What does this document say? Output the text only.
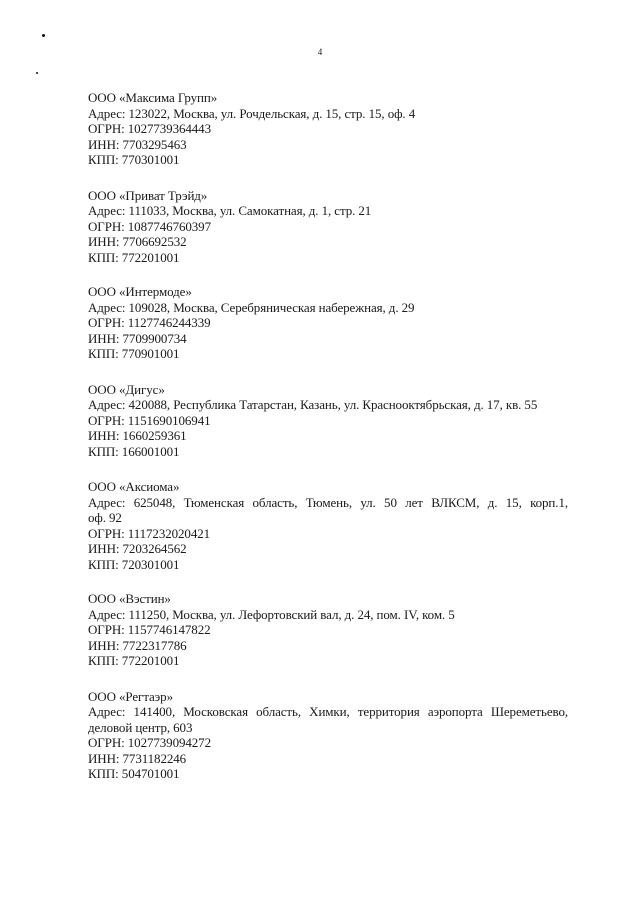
4
ООО «Максима Групп»
Адрес: 123022, Москва, ул. Рочдельская, д. 15, стр. 15, оф. 4
ОГРН: 1027739364443
ИНН: 7703295463
КПП: 770301001
ООО «Приват Трэйд»
Адрес: 111033, Москва, ул. Самокатная, д. 1, стр. 21
ОГРН: 1087746760397
ИНН: 7706692532
КПП: 772201001
ООО «Интермоде»
Адрес: 109028, Москва, Серебряническая набережная, д. 29
ОГРН: 1127746244339
ИНН: 7709900734
КПП: 770901001
ООО «Дигус»
Адрес: 420088, Республика Татарстан, Казань, ул. Краснооктябрьская, д. 17, кв. 55
ОГРН: 1151690106941
ИНН: 1660259361
КПП: 166001001
ООО «Аксиома»
Адрес: 625048, Тюменская область, Тюмень, ул. 50 лет ВЛКСМ, д. 15, корп.1,
оф. 92
ОГРН: 1117232020421
ИНН: 7203264562
КПП: 720301001
ООО «Вэстин»
Адрес: 111250, Москва, ул. Лефортовский вал, д. 24, пом. IV, ком. 5
ОГРН: 1157746147822
ИНН: 7722317786
КПП: 772201001
ООО «Регтаэр»
Адрес: 141400, Московская область, Химки, территория аэропорта Шереметьево,
деловой центр, 603
ОГРН: 1027739094272
ИНН: 7731182246
КПП: 504701001
